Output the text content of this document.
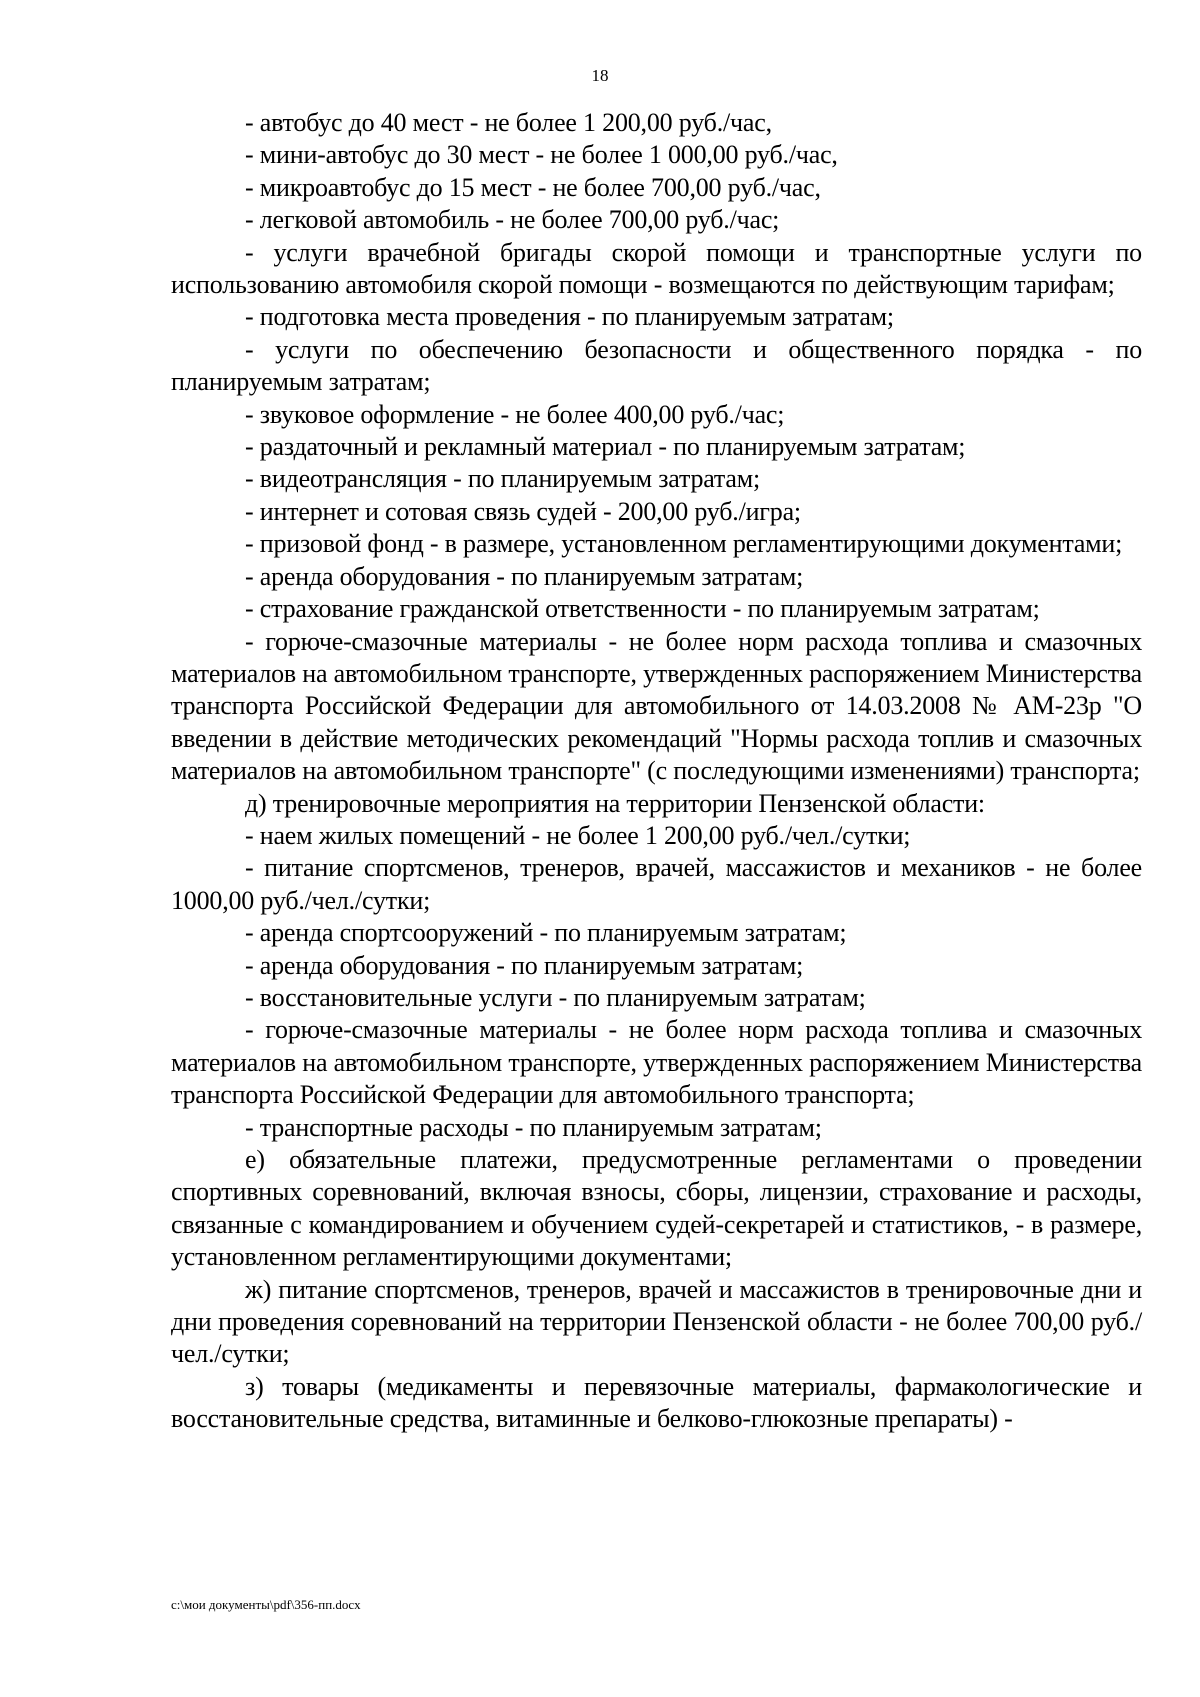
18

- автобус до 40 мест - не более 1 200,00 руб./час,

- мини-автобус до 30 мест - не более 1 000,00 руб./час,

- микроавтобус до 15 мест - не более 700,00 руб./час,

- легковой автомобиль - не более 700,00 руб./час;

- услуги врачебной бригады скорой помощи и транспортные услуги по использованию автомобиля скорой помощи - возмещаются по действующим тарифам;

- подготовка места проведения - по планируемым затратам;

- услуги по обеспечению безопасности и общественного порядка - по планируемым затратам;

- звуковое оформление - не более 400,00 руб./час;

- раздаточный и рекламный материал - по планируемым затратам;

- видеотрансляция - по планируемым затратам;

- интернет и сотовая связь судей - 200,00 руб./игра;

- призовой фонд - в размере, установленном регламентирующими документами;

- аренда оборудования - по планируемым затратам;

- страхование гражданской ответственности - по планируемым затратам;

- горюче-смазочные материалы - не более норм расхода топлива и смазочных материалов на автомобильном транспорте, утвержденных распоряжением Министерства транспорта Российской Федерации для автомобильного от 14.03.2008 № АМ-23р "О введении в действие методических рекомендаций "Нормы расхода топлив и смазочных материалов на автомобильном транспорте" (с последующими изменениями) транспорта;

д) тренировочные мероприятия на территории Пензенской области:

- наем жилых помещений - не более 1 200,00 руб./чел./сутки;

- питание спортсменов, тренеров, врачей, массажистов и механиков - не более 1000,00 руб./чел./сутки;

- аренда спортсооружений - по планируемым затратам;

- аренда оборудования - по планируемым затратам;

- восстановительные услуги - по планируемым затратам;

- горюче-смазочные материалы - не более норм расхода топлива и смазочных материалов на автомобильном транспорте, утвержденных распоряжением Министерства транспорта Российской Федерации для автомобильного транспорта;

- транспортные расходы - по планируемым затратам;

е) обязательные платежи, предусмотренные регламентами о проведении спортивных соревнований, включая взносы, сборы, лицензии, страхование и расходы, связанные с командированием и обучением судей-секретарей и статистиков, - в размере, установленном регламентирующими документами;

ж) питание спортсменов, тренеров, врачей и массажистов в тренировочные дни и дни проведения соревнований на территории Пензенской области - не более 700,00 руб./чел./сутки;

з) товары (медикаменты и перевязочные материалы, фармакологические и восстановительные средства, витаминные и белково-глюкозные препараты) -

c:\мои документы\pdf\356-пп.docx
